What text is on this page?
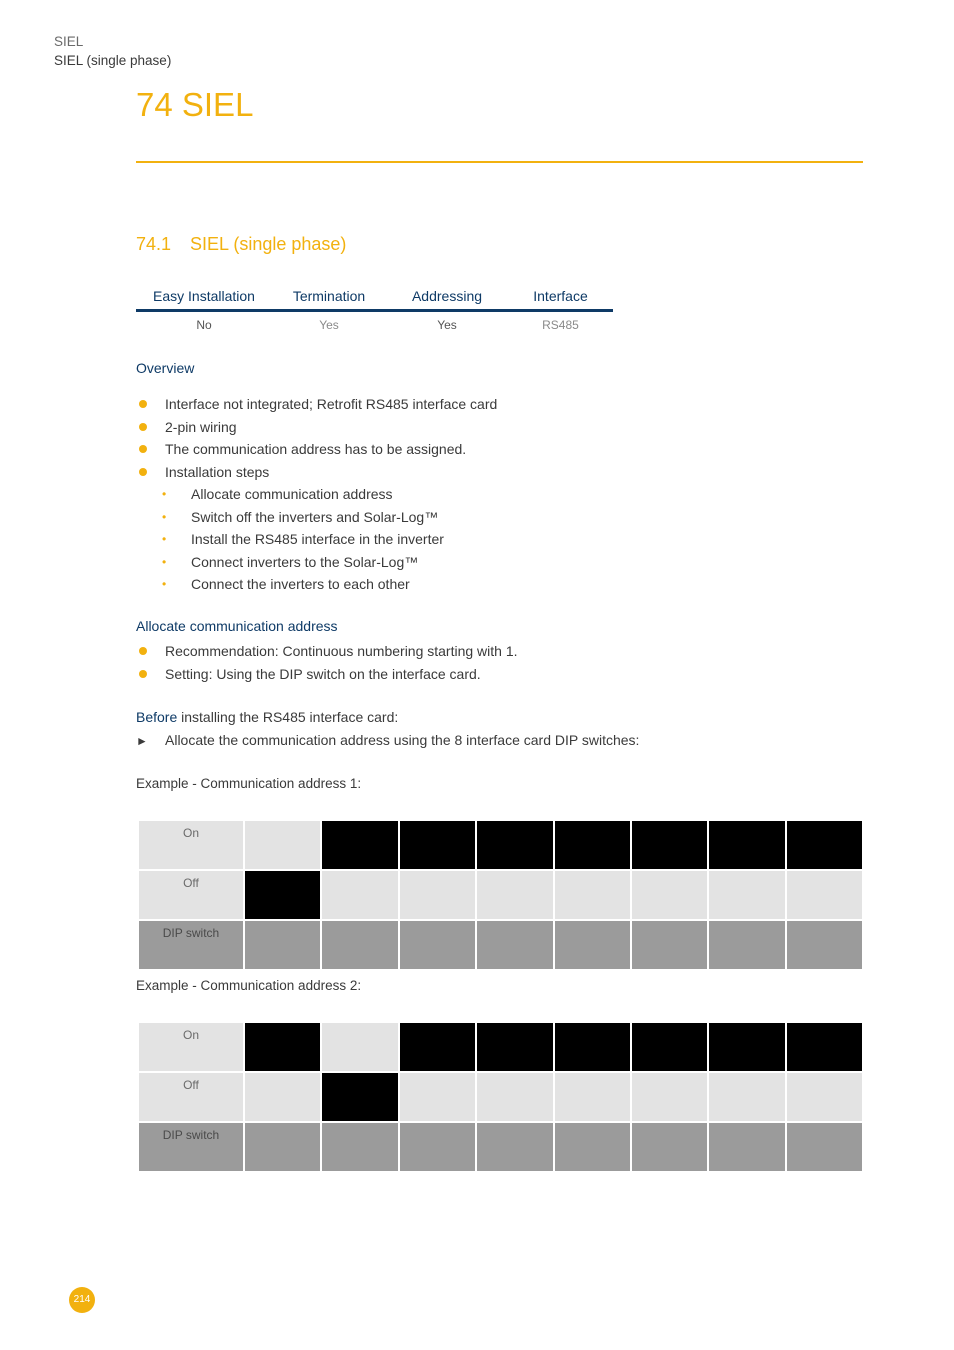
SIEL
SIEL (single phase)
74 SIEL
74.1 SIEL (single phase)
Easy Installation	Termination	Addressing	Interface
No	Yes	Yes	RS485
Overview
Interface not integrated; Retrofit RS485 interface card
2-pin wiring
The communication address has to be assigned.
Installation steps
• Allocate communication address
• Switch off the inverters and Solar-Log™
• Install the RS485 interface in the inverter
• Connect inverters to the Solar-Log™
• Connect the inverters to each other
Allocate communication address
Recommendation: Continuous numbering starting with 1.
Setting: Using the DIP switch on the interface card.
Before installing the RS485 interface card:
► Allocate the communication address using the 8 interface card DIP switches:
Example - Communication address 1:
On								
Off								
DIP switch								
Example - Communication address 2:
On								
Off								
DIP switch								
214
